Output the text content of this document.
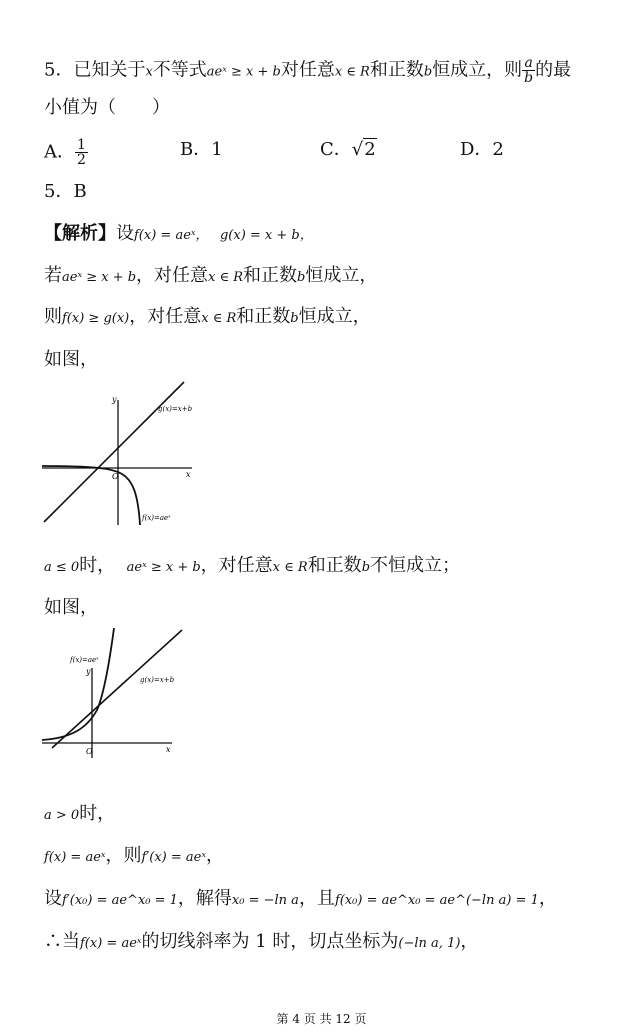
5．已知关于x不等式aeˣ ≥ x + b对任意x ∈ R和正数b恒成立，则 $\frac{a}{b}$ 的最
小值为（　　）
A． $\frac{1}{2}$	B．1	C．√2	D．2
5．B
【解析】设f(x) = aeˣ， g(x) = x + b，
若aeˣ ≥ x + b，对任意x ∈ R和正数b恒成立，
则f(x) ≥ g(x)，对任意x ∈ R和正数b恒成立，
如图，
y
x
O
g(x)=x+b
f(x)=aeˣ
a ≤ 0时， aeˣ ≥ x + b，对任意x ∈ R和正数b不恒成立；
如图，
y
x
O
g(x)=x+b
f(x)=aeˣ
a > 0时，
f(x) = aeˣ，则f′(x) = aeˣ，
设f′(x₀) = ae^x₀ = 1，解得x₀ = −ln a，且f(x₀) = ae^x₀ = ae^(−ln a) = 1，
∴当f(x) = aeˣ的切线斜率为 1 时，切点坐标为(−ln a, 1)，
第 4 页 共 12 页
